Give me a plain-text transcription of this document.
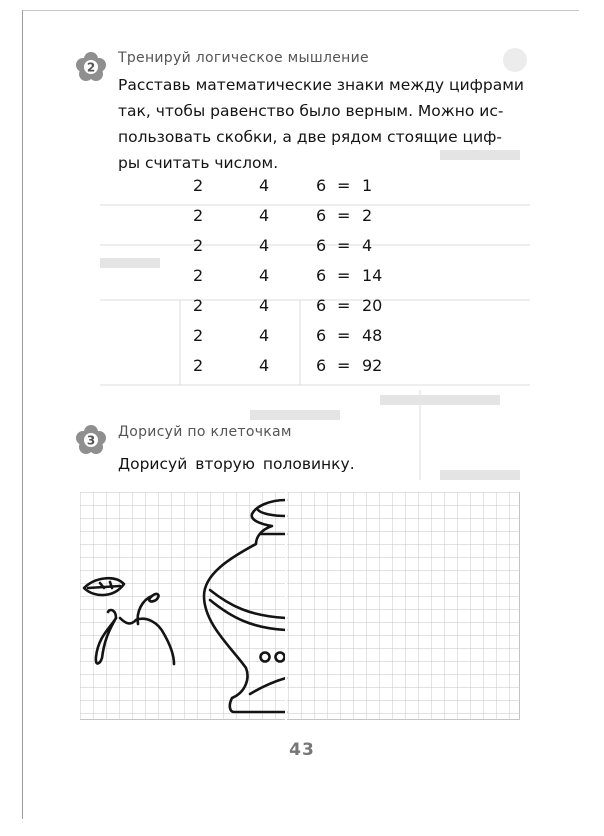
2
Тренируй логическое мышление
Расставь математические знаки между цифрами
так, чтобы равенство было верным. Можно ис-
пользовать скобки, а две рядом стоящие циф-
ры считать числом.
2	4	6 = 1
2	4	6 = 2
2	4	6 = 4
2	4	6 = 14
2	4	6 = 20
2	4	6 = 48
2	4	6 = 92
3
Дорисуй по клеточкам
Дорисуй вторую половинку.
43
